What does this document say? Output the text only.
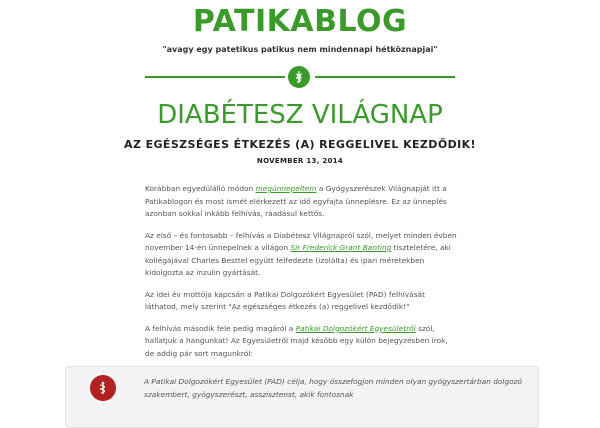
PATIKABLOG

"avagy egy patetikus patikus nem mindennapi hétköznapjai"

DIABÉTESZ VILÁGNAP
AZ EGÉSZSÉGES ÉTKEZÉS (A) REGGELIVEL KEZDŐDIK!
NOVEMBER 13, 2014

Korábban egyedülálló módon megünnepeltem a Gyógyszerészek Világnapját itt a Patikablogon és most ismét elérkezett az idő egyfajta ünneplésre. Ez az ünneplés azonban sokkal inkább felhívás, ráadásul kettős.

Az első – és fontosabb – felhívás a Diabétesz Világnapról szól, melyet minden évben november 14-én ünnepelnek a világon Sir Frederick Grant Banting tiszteletére, aki kollégájával Charles Besttel együtt felfedezte (izolálta) és ipari méretekben kidolgozta az inzulin gyártását.

Az idei év mottója kapcsán a Patikai Dolgozókért Egyesület (PAD) felhívását láthatod, mely szerint "Az egészséges étkezés (a) reggelivel kezdődik!"

A felhívás második fele pedig magáról a Patikai Dolgozókért Egyesületről szól, hallatjuk a hangunkat! Az Egyesületről majd később egy külön bejegyzésben írok, de addig pár sort magunkról:

A Patikai Dolgozókért Egyesület (PAD) célja, hogy összefogjon minden olyan gyógyszertárban dolgozó szakembert, gyógyszerészt, asszisztenst, akik fontosnak
